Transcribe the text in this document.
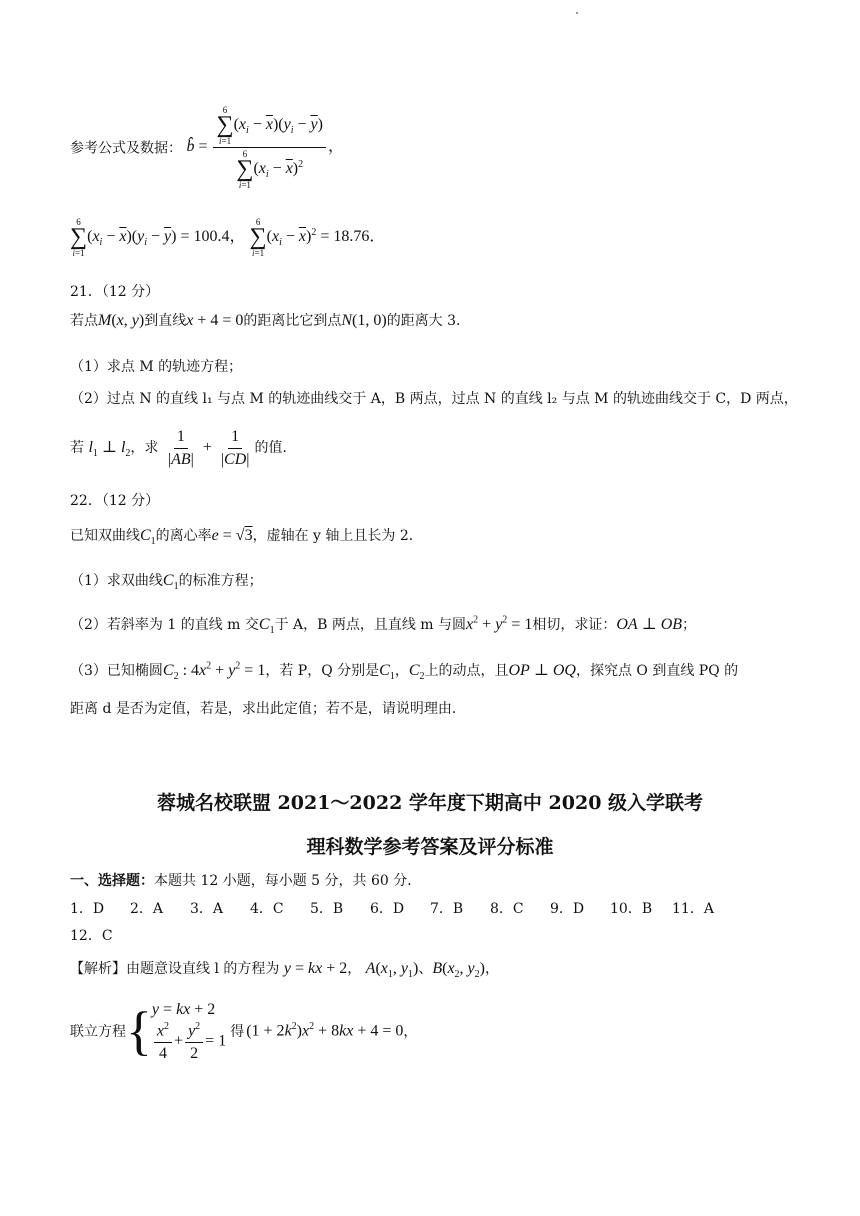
参考公式及数据： b̂ = 6
∑
i=1
$(x_i - \overline{x})(y_i - \overline{y})$
6
∑
i=1
$(x_i - \overline{x})^2$ ，
6
∑
i=1
$(x_i - \overline{x})(y_i - \overline{y}) = 100.4$，
6
∑
i=1
$(x_i - \overline{x})^2 = 18.76$．
21．（12 分）
若点M(x, y)到直线x + 4 = 0的距离比它到点N(1, 0)的距离大 3．
（1）求点 M 的轨迹方程；
（2）过点 N 的直线 l₁ 与点 M 的轨迹曲线交于 A，B 两点，过点 N 的直线 l₂ 与点 M 的轨迹曲线交于 C，D 两点，
若 $l_1$ ⊥ $l_2$，求 $\frac{1}{|AB|} + \frac{1}{|CD|}$ 的值．
22．（12 分）
已知双曲线$C_1$的离心率e = √3，虚轴在 y 轴上且长为 2．
（1）求双曲线$C_1$的标准方程；
（2）若斜率为 1 的直线 m 交$C_1$于 A，B 两点，且直线 m 与圆$x^2 + y^2 = 1$相切，求证：OA ⊥ OB；
（3）已知椭圆$C_2$ : $4x^2 + y^2 = 1$，若 P，Q 分别是$C_1$，$C_2$上的动点，且OP ⊥ OQ，探究点 O 到直线 PQ 的
距离 d 是否为定值，若是，求出此定值；若不是，请说明理由．
蓉城名校联盟 2021～2022 学年度下期高中 2020 级入学联考
理科数学参考答案及评分标准
一、选择题：本题共 12 小题，每小题 5 分，共 60 分．
1．D	2．A	3．A	4．C	5．B	6．D	7．B	8．C	9．D	10．B	11．A
12．C
【解析】由题意设直线 l 的方程为 y = kx + 2， $A(x_1$, $y_1$)、$B(x_2$, $y_2$)，
联立方程 { y = kx + 2
$\frac{x^2}{4} + \frac{y^2}{2} = 1$
得 $(1 + 2k^2)x^2 + 8kx + 4 = 0$ ，
